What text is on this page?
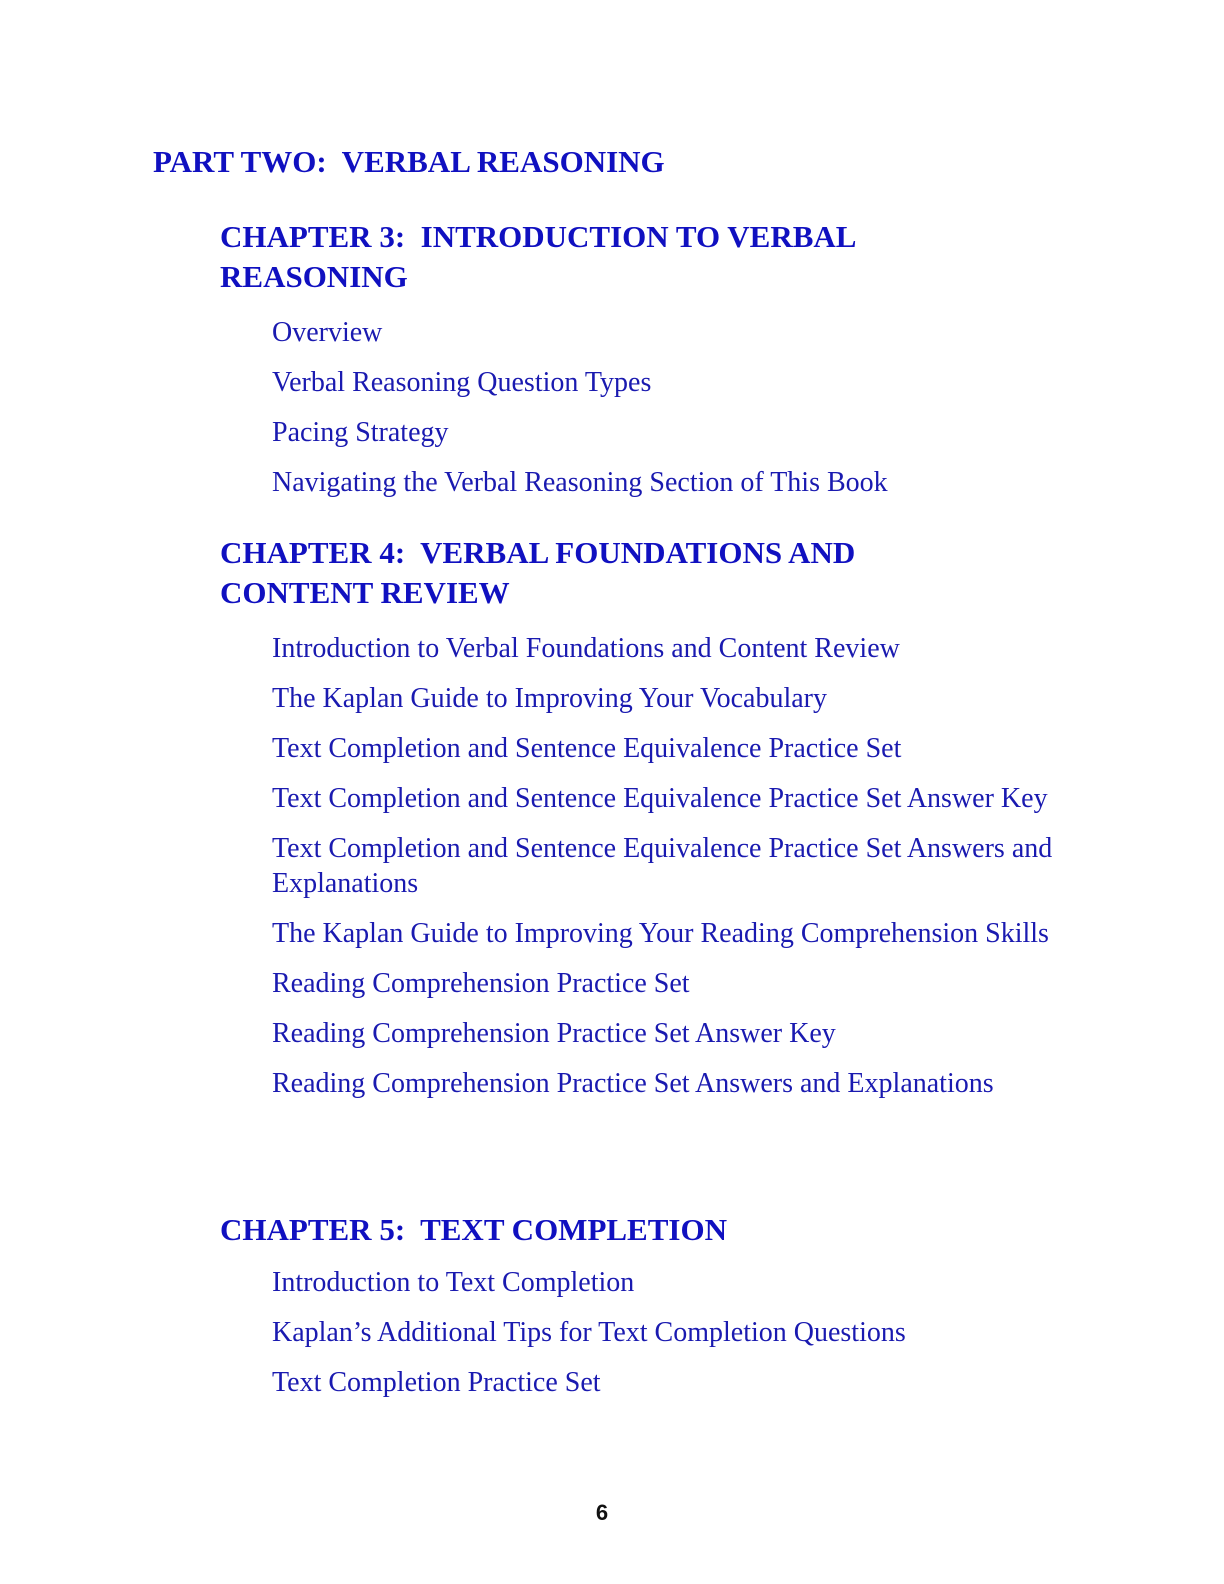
PART TWO:  VERBAL REASONING
CHAPTER 3:  INTRODUCTION TO VERBAL
REASONING
Overview
Verbal Reasoning Question Types
Pacing Strategy
Navigating the Verbal Reasoning Section of This Book
CHAPTER 4:  VERBAL FOUNDATIONS AND
CONTENT REVIEW
Introduction to Verbal Foundations and Content Review
The Kaplan Guide to Improving Your Vocabulary
Text Completion and Sentence Equivalence Practice Set
Text Completion and Sentence Equivalence Practice Set Answer Key
Text Completion and Sentence Equivalence Practice Set Answers and Explanations
The Kaplan Guide to Improving Your Reading Comprehension Skills
Reading Comprehension Practice Set
Reading Comprehension Practice Set Answer Key
Reading Comprehension Practice Set Answers and Explanations
CHAPTER 5:  TEXT COMPLETION
Introduction to Text Completion
Kaplan’s Additional Tips for Text Completion Questions
Text Completion Practice Set
6
